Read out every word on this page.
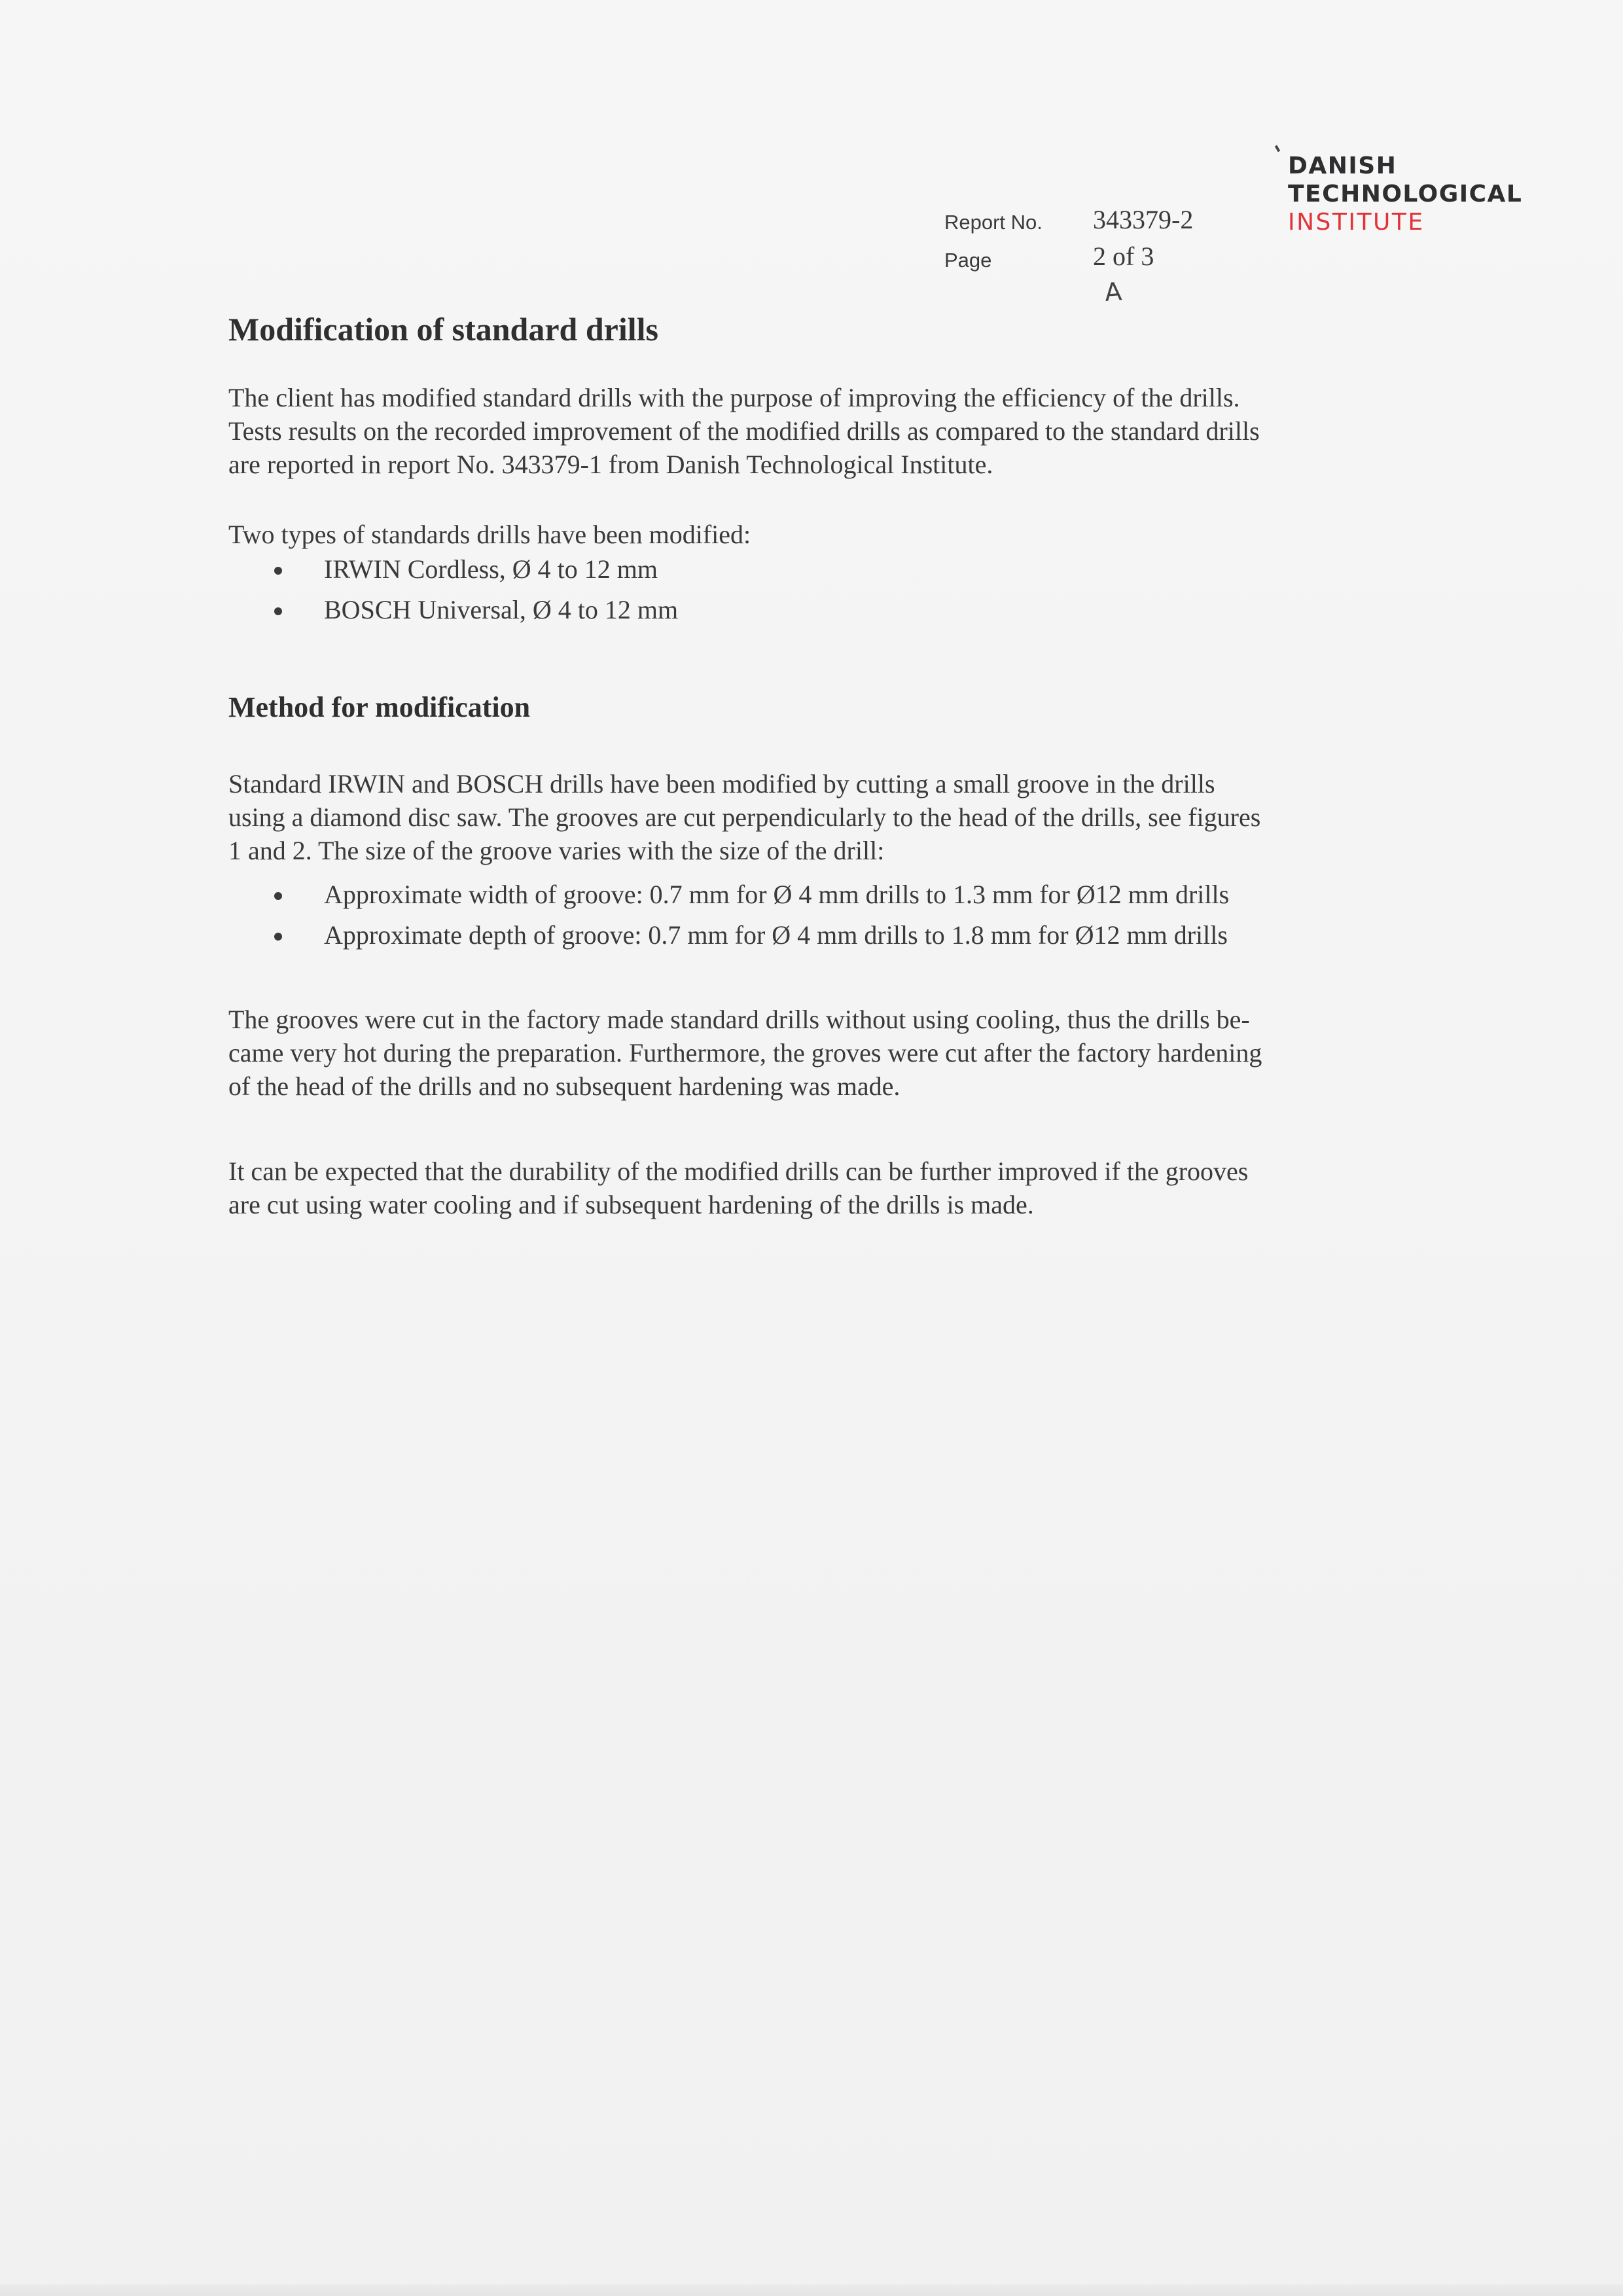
Report No. 343379-2
Page	2 of 3
A
DANISH
TECHNOLOGICAL
INSTITUTE
Modification of standard drills
The client has modified standard drills with the purpose of improving the efficiency of the drills.
Tests results on the recorded improvement of the modified drills as compared to the standard drills
are reported in report No. 343379-1 from Danish Technological Institute.
Two types of standards drills have been modified:
IRWIN Cordless, Ø 4 to 12 mm
BOSCH Universal, Ø 4 to 12 mm
Method for modification
Standard IRWIN and BOSCH drills have been modified by cutting a small groove in the drills
using a diamond disc saw. The grooves are cut perpendicularly to the head of the drills, see figures
1 and 2. The size of the groove varies with the size of the drill:
Approximate width of groove: 0.7 mm for Ø 4 mm drills to 1.3 mm for Ø12 mm drills
Approximate depth of groove: 0.7 mm for Ø 4 mm drills to 1.8 mm for Ø12 mm drills
The grooves were cut in the factory made standard drills without using cooling, thus the drills be-
came very hot during the preparation. Furthermore, the groves were cut after the factory hardening
of the head of the drills and no subsequent hardening was made.
It can be expected that the durability of the modified drills can be further improved if the grooves
are cut using water cooling and if subsequent hardening of the drills is made.
